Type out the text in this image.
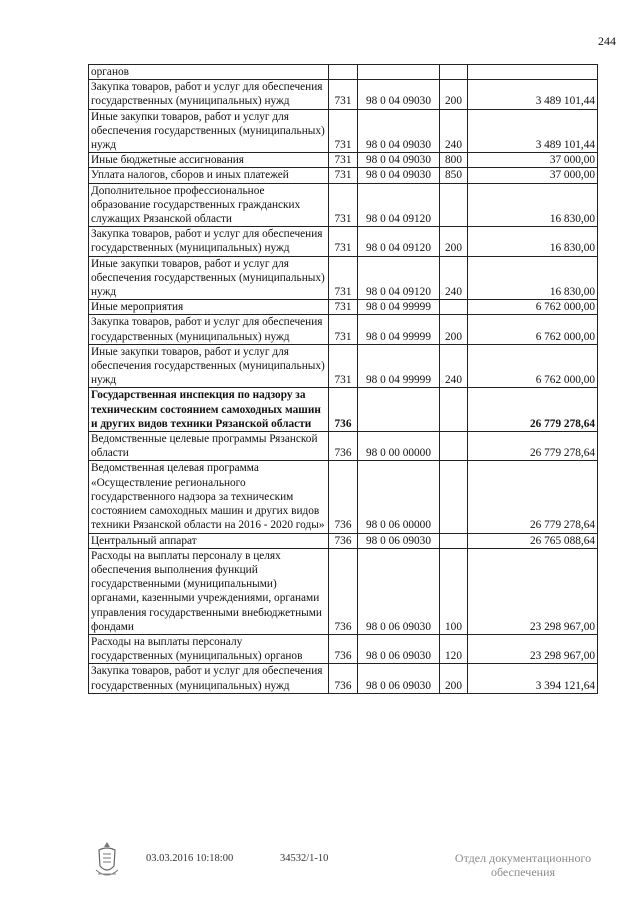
244
органов				
Закупка товаров, работ и услуг для обеспечения государственных (муниципальных) нужд	731	98 0 04 09030	200	3 489 101,44
Иные закупки товаров, работ и услуг для обеспечения государственных (муниципальных) нужд	731	98 0 04 09030	240	3 489 101,44
Иные бюджетные ассигнования	731	98 0 04 09030	800	37 000,00
Уплата налогов, сборов и иных платежей	731	98 0 04 09030	850	37 000,00
Дополнительное профессиональное образование государственных гражданских служащих Рязанской области	731	98 0 04 09120		16 830,00
Закупка товаров, работ и услуг для обеспечения государственных (муниципальных) нужд	731	98 0 04 09120	200	16 830,00
Иные закупки товаров, работ и услуг для обеспечения государственных (муниципальных) нужд	731	98 0 04 09120	240	16 830,00
Иные мероприятия	731	98 0 04 99999		6 762 000,00
Закупка товаров, работ и услуг для обеспечения государственных (муниципальных) нужд	731	98 0 04 99999	200	6 762 000,00
Иные закупки товаров, работ и услуг для обеспечения государственных (муниципальных) нужд	731	98 0 04 99999	240	6 762 000,00
Государственная инспекция по надзору за техническим состоянием самоходных машин и других видов техники Рязанской области	736			26 779 278,64
Ведомственные целевые программы Рязанской области	736	98 0 00 00000		26 779 278,64
Ведомственная целевая программа «Осуществление регионального государственного надзора за техническим состоянием самоходных машин и других видов техники Рязанской области на 2016 - 2020 годы»	736	98 0 06 00000		26 779 278,64
Центральный аппарат	736	98 0 06 09030		26 765 088,64
Расходы на выплаты персоналу в целях обеспечения выполнения функций государственными (муниципальными) органами, казенными учреждениями, органами управления государственными внебюджетными фондами	736	98 0 06 09030	100	23 298 967,00
Расходы на выплаты персоналу государственных (муниципальных) органов	736	98 0 06 09030	120	23 298 967,00
Закупка товаров, работ и услуг для обеспечения государственных (муниципальных) нужд	736	98 0 06 09030	200	3 394 121,64
03.03.2016 10:18:00	34532/1-10	Отдел документационного
обеспечения
